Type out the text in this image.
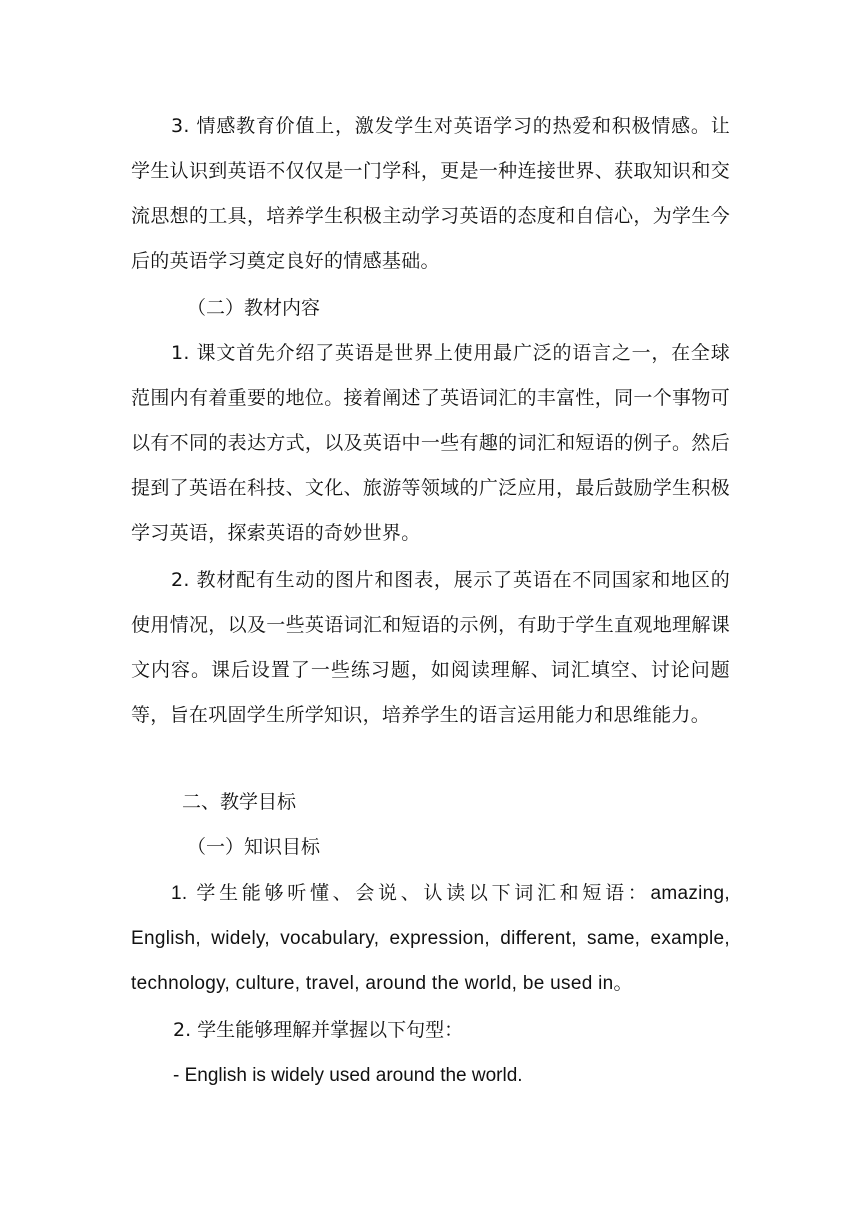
3. 情感教育价值上，激发学生对英语学习的热爱和积极情感。让学生认识到英语不仅仅是一门学科，更是一种连接世界、获取知识和交流思想的工具，培养学生积极主动学习英语的态度和自信心，为学生今后的英语学习奠定良好的情感基础。

（二）教材内容

1. 课文首先介绍了英语是世界上使用最广泛的语言之一，在全球范围内有着重要的地位。接着阐述了英语词汇的丰富性，同一个事物可以有不同的表达方式，以及英语中一些有趣的词汇和短语的例子。然后提到了英语在科技、文化、旅游等领域的广泛应用，最后鼓励学生积极学习英语，探索英语的奇妙世界。

2. 教材配有生动的图片和图表，展示了英语在不同国家和地区的使用情况，以及一些英语词汇和短语的示例，有助于学生直观地理解课文内容。课后设置了一些练习题，如阅读理解、词汇填空、讨论问题等，旨在巩固学生所学知识，培养学生的语言运用能力和思维能力。

二、教学目标

（一）知识目标

1. 学生能够听懂、会说、认读以下词汇和短语：amazing, English, widely, vocabulary, expression, different, same, example, technology, culture, travel, around the world, be used in。

2. 学生能够理解并掌握以下句型：

- English is widely used around the world.
